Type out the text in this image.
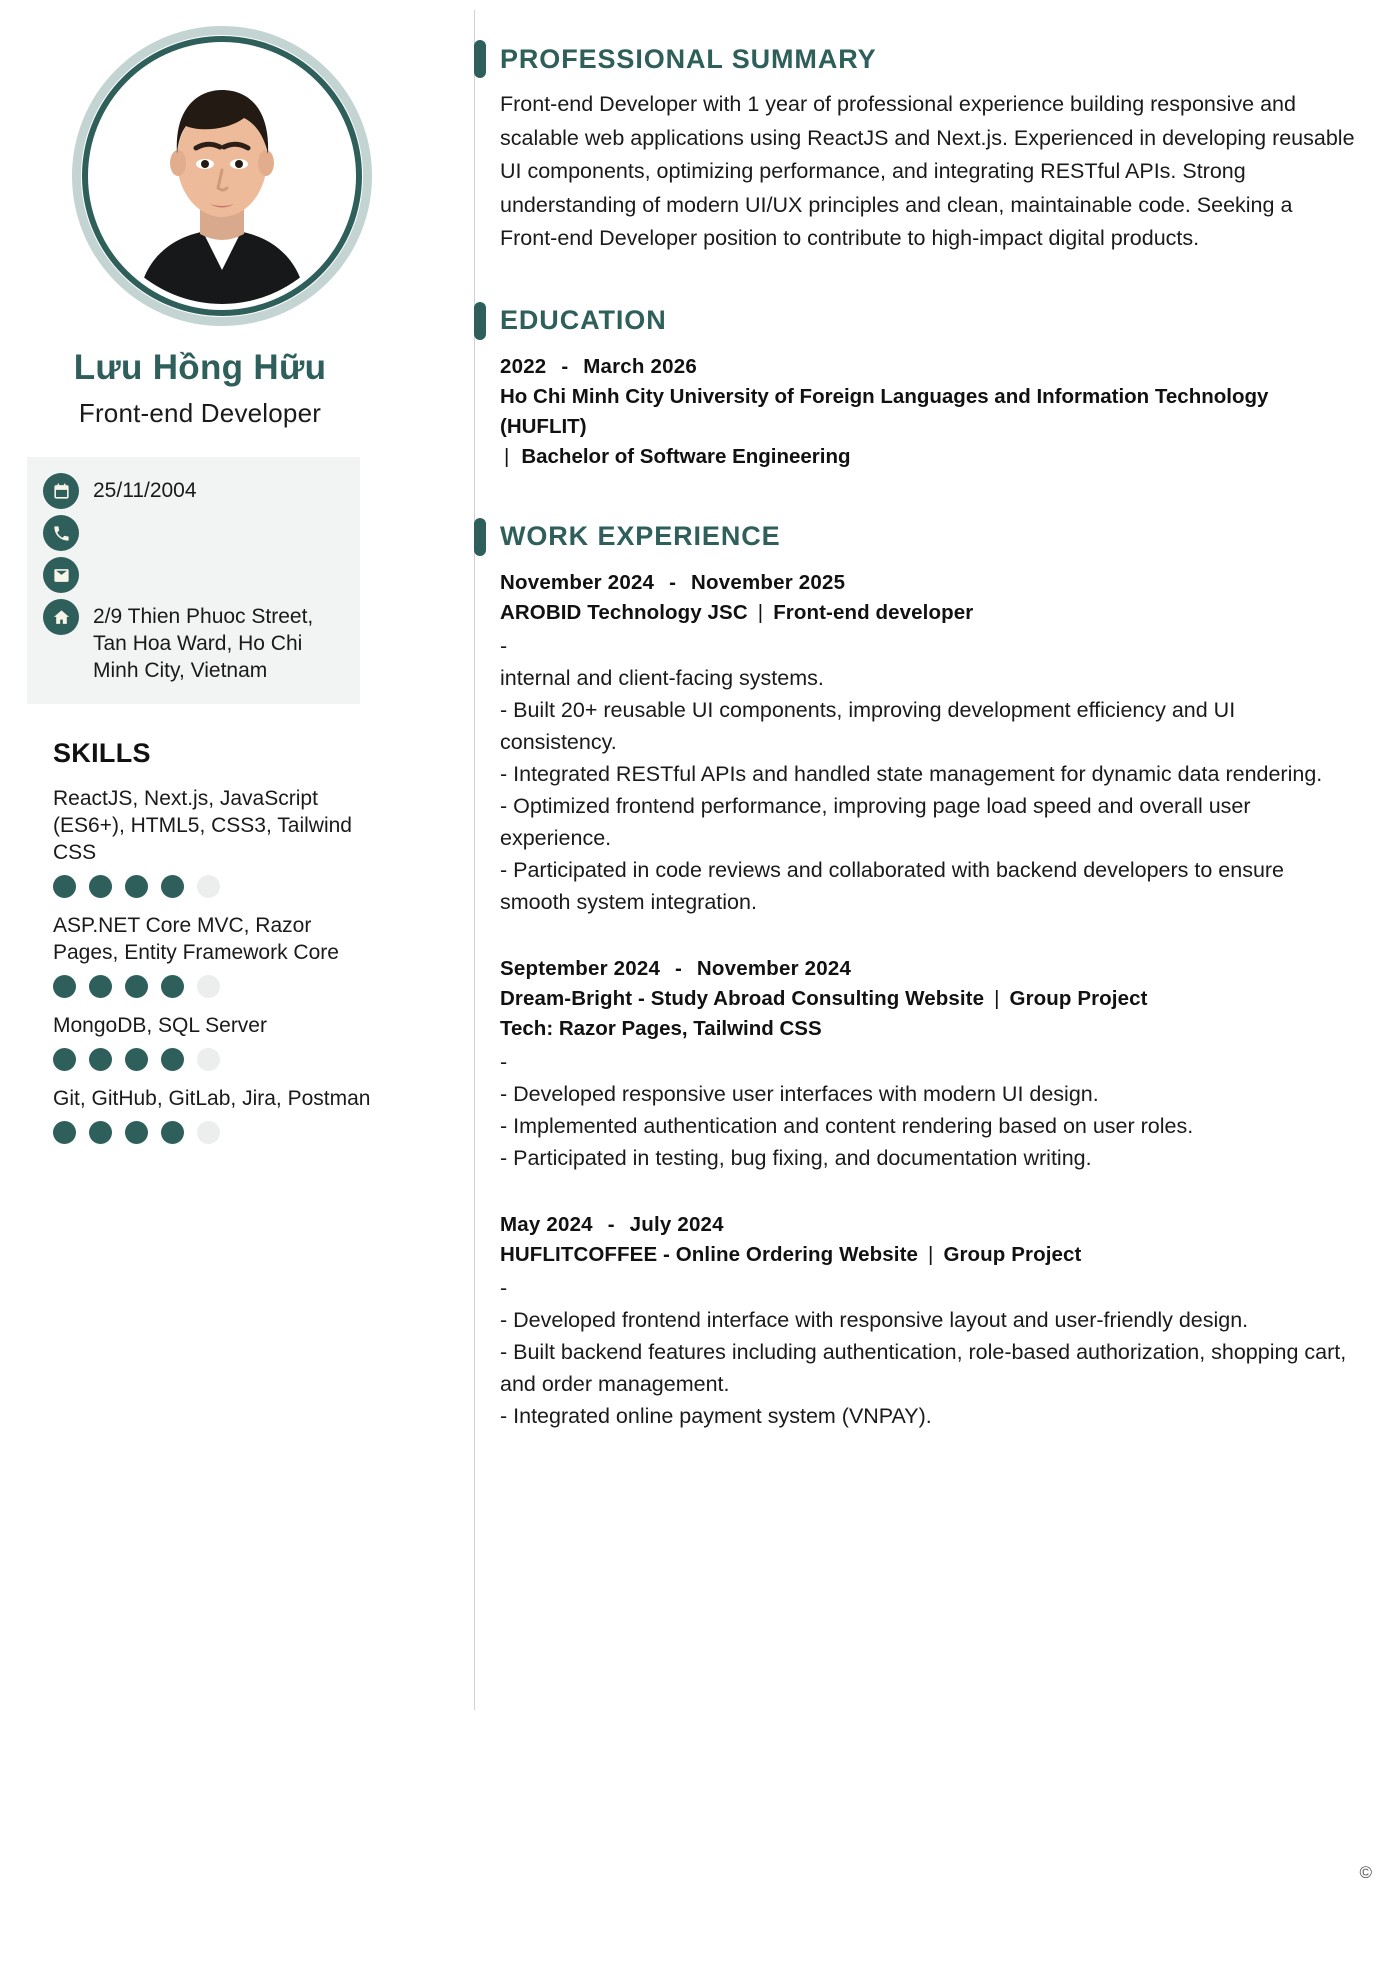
Lưu Hồng Hữu
Front-end Developer
25/11/2004
2/9 Thien Phuoc Street, Tan Hoa Ward, Ho Chi Minh City, Vietnam
SKILLS
ReactJS, Next.js, JavaScript (ES6+), HTML5, CSS3, Tailwind CSS
ASP.NET Core MVC, Razor Pages, Entity Framework Core
MongoDB, SQL Server
Git, GitHub, GitLab, Jira, Postman
PROFESSIONAL SUMMARY
Front-end Developer with 1 year of professional experience building responsive and scalable web applications using ReactJS and Next.js. Experienced in developing reusable UI components, optimizing performance, and integrating RESTful APIs. Strong understanding of modern UI/UX principles and clean, maintainable code. Seeking a Front-end Developer position to contribute to high-impact digital products.
EDUCATION
2022 - March 2026
Ho Chi Minh City University of Foreign Languages and Information Technology (HUFLIT)
| Bachelor of Software Engineering
WORK EXPERIENCE
November 2024 - November 2025
AROBID Technology JSC | Front-end developer
-
internal and client-facing systems.
- Built 20+ reusable UI components, improving development efficiency and UI consistency.
- Integrated RESTful APIs and handled state management for dynamic data rendering.
- Optimized frontend performance, improving page load speed and overall user experience.
- Participated in code reviews and collaborated with backend developers to ensure smooth system integration.
September 2024 - November 2024
Dream-Bright - Study Abroad Consulting Website | Group Project
Tech: Razor Pages, Tailwind CSS
-
- Developed responsive user interfaces with modern UI design.
- Implemented authentication and content rendering based on user roles.
- Participated in testing, bug fixing, and documentation writing.
May 2024 - July 2024
HUFLITCOFFEE - Online Ordering Website | Group Project
-
- Developed frontend interface with responsive layout and user-friendly design.
- Built backend features including authentication, role-based authorization, shopping cart, and order management.
- Integrated online payment system (VNPAY).
©
